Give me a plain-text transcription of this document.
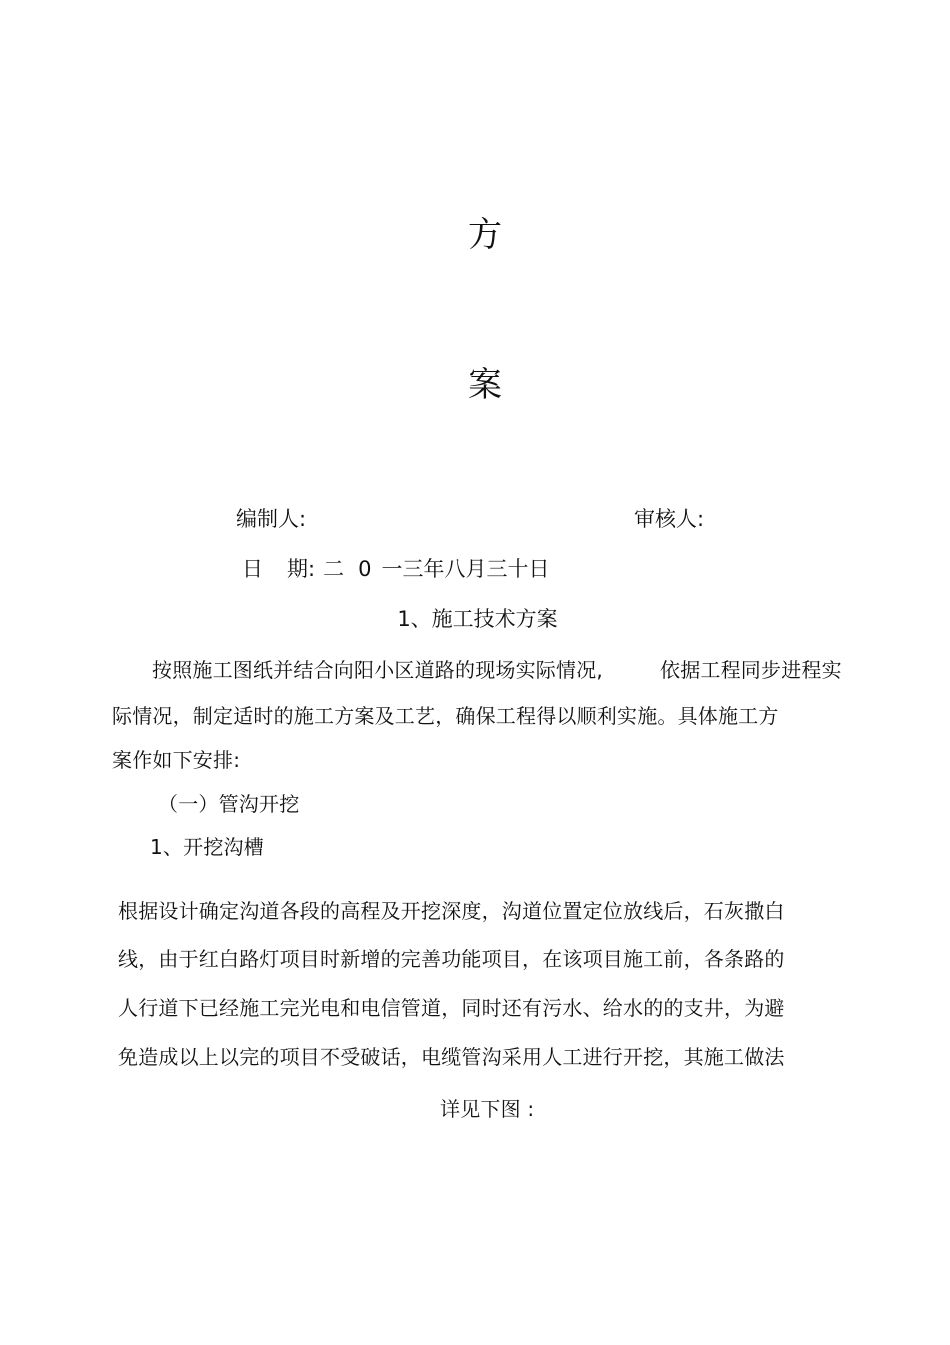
方
案
编制人:	审核人:
日 期: 二 0 一三年八月三十日
1、施工技术方案
按照施工图纸并结合向阳小区道路的现场实际情况,	依据工程同步进程实
际情况，制定适时的施工方案及工艺，确保工程得以顺利实施。具体施工方
案作如下安排:
（一）管沟开挖
1、开挖沟槽
根据设计确定沟道各段的高程及开挖深度，沟道位置定位放线后，石灰撒白
线，由于红白路灯项目时新增的完善功能项目，在该项目施工前，各条路的
人行道下已经施工完光电和电信管道，同时还有污水、给水的的支井，为避
免造成以上以完的项目不受破话，电缆管沟采用人工进行开挖，其施工做法
详见下图 :
